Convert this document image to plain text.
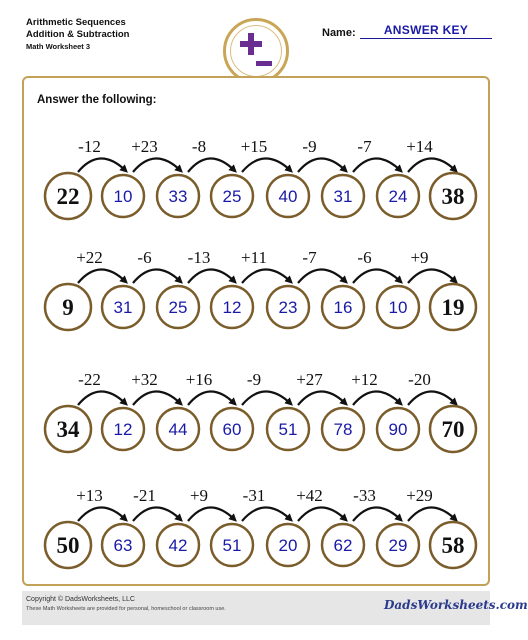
Arithmetic Sequences
Addition & Subtraction
Math Worksheet 3
Name:	ANSWER KEY
Answer the following:
-12 +23 -8 +15 -9 -7 +14
22 10 33 25 40 31 24 38
+22 -6 -13 +11 -7 -6 +9
9 31 25 12 23 16 10 19
-22 +32 +16 -9 +27 +12 -20
34 12 44 60 51 78 90 70
+13 -21 +9 -31 +42 -33 +29
50 63 42 51 20 62 29 58
Copyright © DadsWorksheets, LLC
These Math Worksheets are provided for personal, homeschool or classroom use.	DadsWorksheets.com
